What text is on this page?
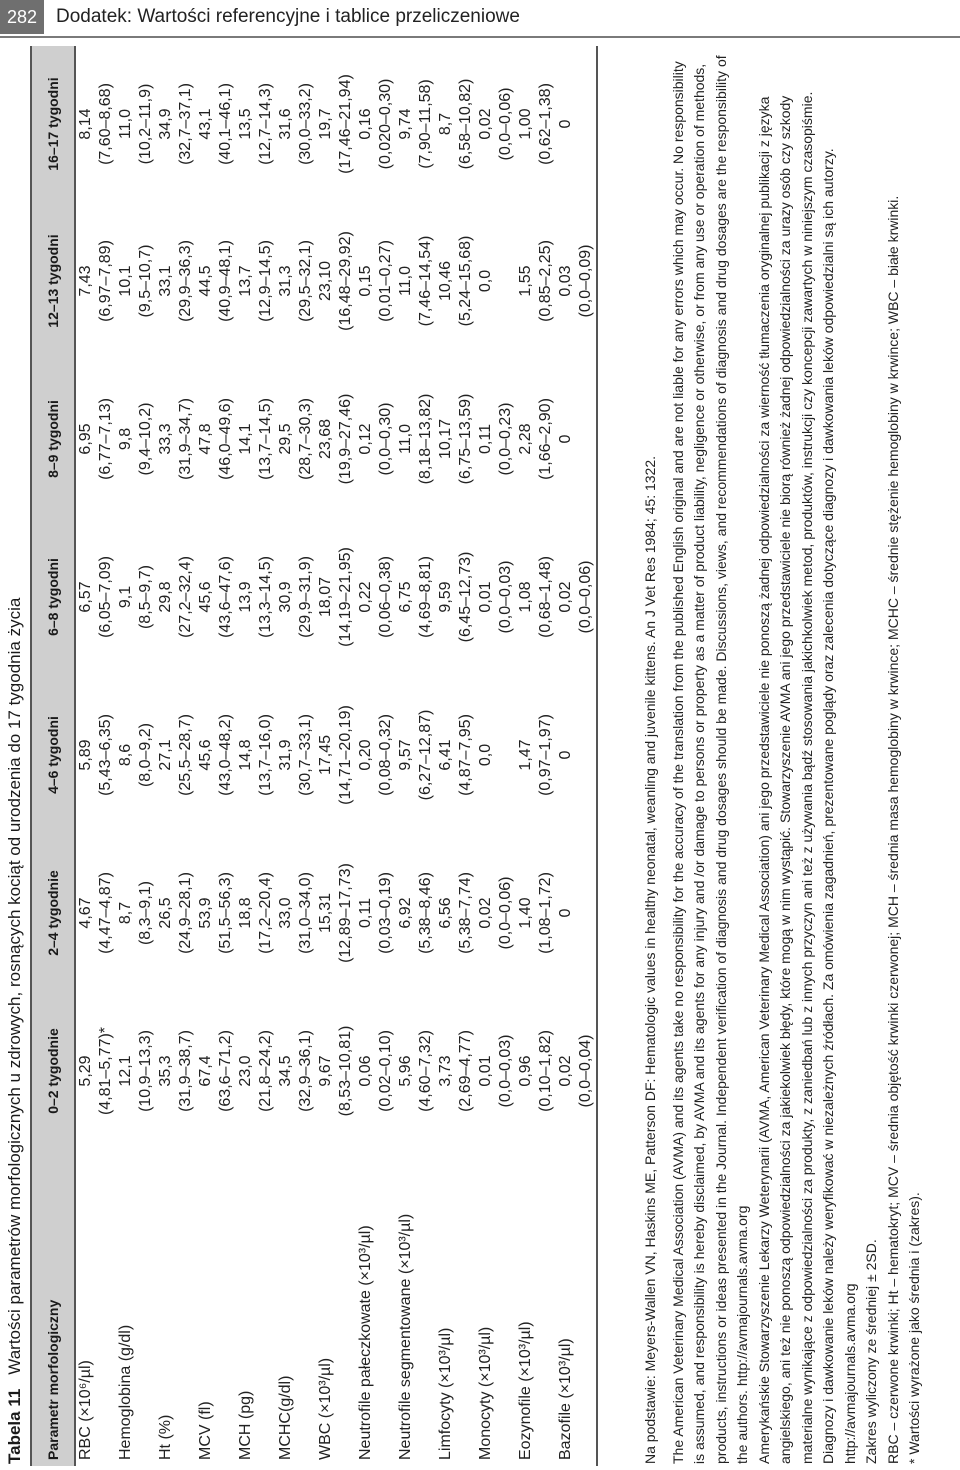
282 Dodatek: Wartości referencyjne i tablice przeliczeniowe
Tabela 11Wartości parametrów morfologicznych u zdrowych, rosnących kociąt od urodzenia do 17 tygodnia życia
Parametr morfologiczny	0–2 tygodnie	2–4 tygodnie	4–6 tygodni	6–8 tygodni	8–9 tygodni	12–13 tygodni	16–17 tygodni
RBC (×10⁶/µl)	5,29	4,67	5,89	6,57	6,95	7,43	8,14
	(4,81–5,77)*	(4,47–4,87)	(5,43–6,35)	(6,05–7,09)	(6,77–7,13)	(6,97–7,89)	(7,60–8,68)
Hemoglobina (g/dl)	12,1	8,7	8,6	9,1	9,8	10,1	11,0
	(10,9–13,3)	(8,3–9,1)	(8,0–9,2)	(8,5–9,7)	(9,4–10,2)	(9,5–10,7)	(10,2–11,9)
Ht (%)	35,3	26,5	27,1	29,8	33,3	33,1	34,9
	(31,9–38,7)	(24,9–28,1)	(25,5–28,7)	(27,2–32,4)	(31,9–34,7)	(29,9–36,3)	(32,7–37,1)
MCV (fl)	67,4	53,9	45,6	45,6	47,8	44,5	43,1
	(63,6–71,2)	(51,5–56,3)	(43,0–48,2)	(43,6–47,6)	(46,0–49,6)	(40,9–48,1)	(40,1–46,1)
MCH (pg)	23,0	18,8	14,8	13,9	14,1	13,7	13,5
	(21,8–24,2)	(17,2–20,4)	(13,7–16,0)	(13,3–14,5)	(13,7–14,5)	(12,9–14,5)	(12,7–14,3)
MCHC(g/dl)	34,5	33,0	31,9	30,9	29,5	31,3	31,6
	(32,9–36,1)	(31,0–34,0)	(30,7–33,1)	(29,9–31,9)	(28,7–30,3)	(29,5–32,1)	(30,0–33,2)
WBC (×10³/µl)	9,67	15,31	17,45	18,07	23,68	23,10	19,7
	(8,53–10,81)	(12,89–17,73)	(14,71–20,19)	(14,19–21,95)	(19,9–27,46)	(16,48–29,92)	(17,46–21,94)
Neutrofile pałeczkowate (×10³/µl)	0,06	0,11	0,20	0,22	0,12	0,15	0,16
	(0,02–0,10)	(0,03–0,19)	(0,08–0,32)	(0,06–0,38)	(0,0–0,30)	(0,01–0,27)	(0,020–0,30)
Neutrofile segmentowane (×10³/µl)	5,96	6,92	9,57	6,75	11,0	11,0	9,74
	(4,60–7,32)	(5,38–8,46)	(6,27–12,87)	(4,69–8,81)	(8,18–13,82)	(7,46–14,54)	(7,90–11,58)
Limfocyty (×10³/µl)	3,73	6,56	6,41	9,59	10,17	10,46	8,7
	(2,69–4,77)	(5,38–7,74)	(4,87–7,95)	(6,45–12,73)	(6,75–13,59)	(5,24–15,68)	(6,58–10,82)
Monocyty (×10³/µl)	0,01	0,02	0,0	0,01	0,11	0,0	0,02
	(0,0–0,03)	(0,0–0,06)		(0,0–0,03)	(0,0–0,23)		(0,0–0,06)
Eozynofile (×10³/µl)	0,96	1,40	1,47	1,08	2,28	1,55	1,00
	(0,10–1,82)	(1,08–1,72)	(0,97–1,97)	(0,68–1,48)	(1,66–2,90)	(0,85–2,25)	(0,62–1,38)
Bazofile (×10³/µl)	0,02	0	0	0,02	0	0,03	0
	(0,0–0,04)			(0,0–0,06)		(0,0–0,09)	

Na podstawie: Meyers-Wallen VN, Haskins ME, Patterson DF: Hematologic values in healthy neonatal, weanling and juvenile kittens. An J Vet Res 1984; 45: 1322. The American Veterinary Medical Association (AVMA) and its agents take no responsibility for the accuracy of the translation from the published English original and are not liable for any errors which may occur. No responsibility is assumed, and responsibility is hereby disclaimed, by AVMA and its agents for any injury and /or damage to persons or property as a matter of product liability, negligence or otherwise, or from any use or operation of methods, products, instructions or ideas presented in the Journal. Independent verification of diagnosis and drug dosages should be made. Discussions, views, and recommendations of diagnosis and drug dosages are the responsibility of the authors. http://avmajournals.avma.org Amerykańskie Stowarzyszenie Lekarzy Weterynarii (AVMA, American Veterinary Medical Association) ani jego przedstawiciele nie ponoszą żadnej odpowiedzialności za wierność tłumaczenia oryginalnej publikacji z języka angielskiego, ani też nie ponoszą odpowiedzialności za jakiekolwiek błędy, które mogą w nim wystąpić. Stowarzyszenie AVMA ani jego przedstawiciele nie biorą również żadnej odpowiedzialności za urazy osób czy szkody materialne wynikające z odpowiedzialności za produkty, z zaniedbań lub z innych przyczyn ani też z używania bądź stosowania jakichkolwiek metod, produktów, instrukcji czy koncepcji zawartych w niniejszym czasopiśmie. Diagnozy i dawkowanie leków należy weryfikować w niezależnych źródłach. Za omówienia zagadnień, prezentowane poglądy oraz zalecenia dotyczące diagnozy i dawkowania leków odpowiedzialni są ich autorzy. http://avmajournals.avma.org Zakres wyliczony ze średniej ± 2SD. RBC – czerwone krwinki; Ht – hematokryt; MCV – średnia objętość krwinki czerwonej; MCH – średnia masa hemoglobiny w krwince; MCHC – średnie stężenie hemoglobiny w krwince; WBC – białe krwinki. * Wartości wyrażone jako średnia i (zakres).
